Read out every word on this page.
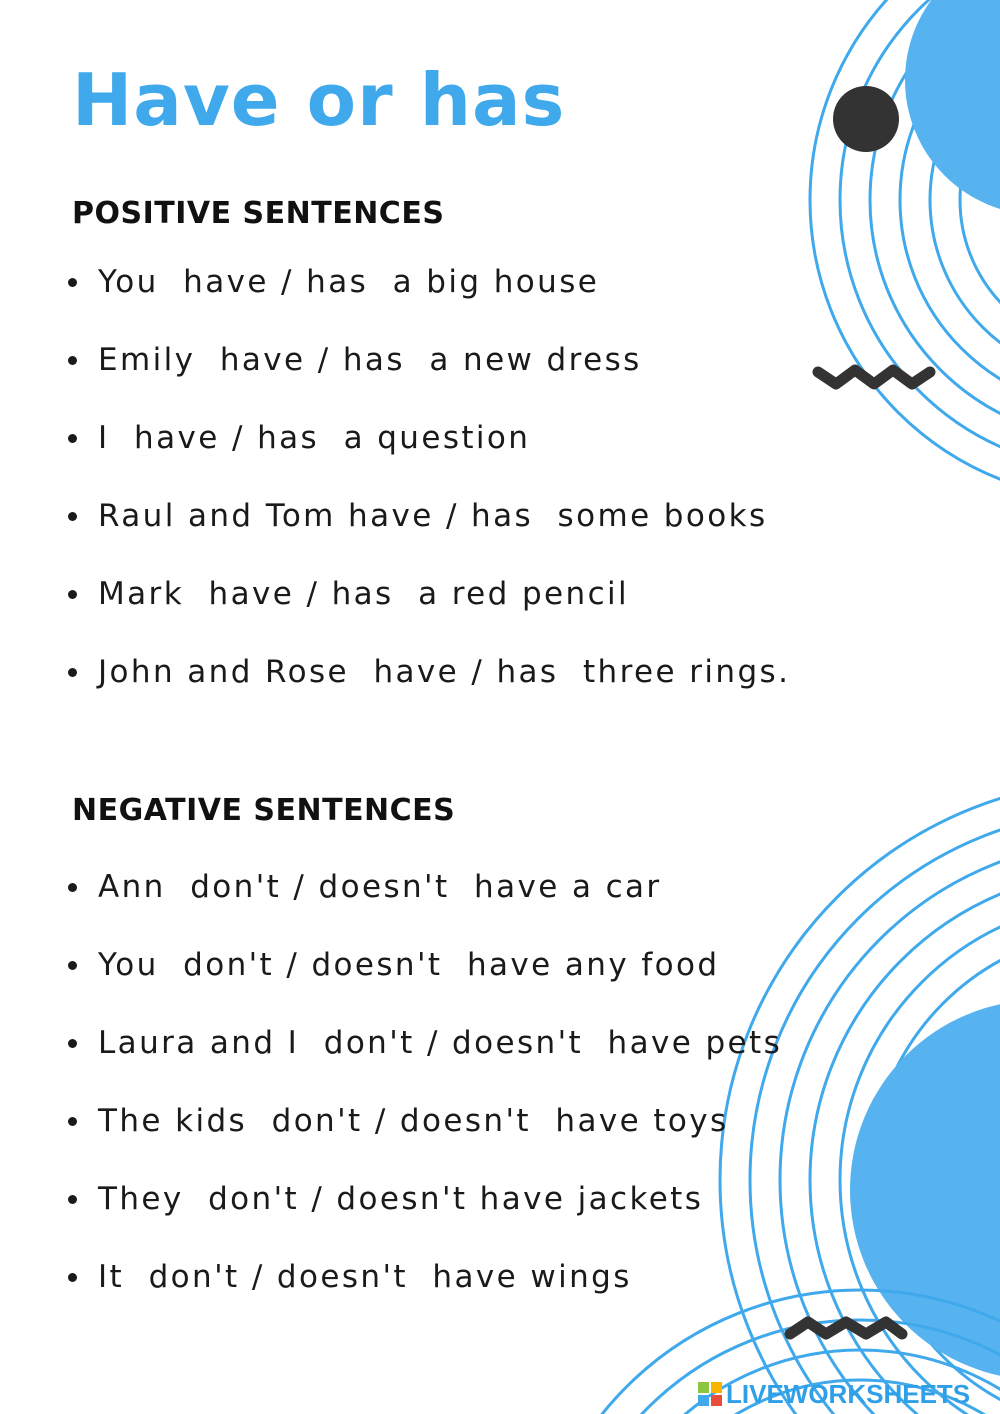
Have or has
POSITIVE SENTENCES
You  have / has  a big house
Emily  have / has  a new dress
I  have / has  a question
Raul and Tom have / has  some books
Mark  have / has  a red pencil
John and Rose  have / has  three rings.
NEGATIVE SENTENCES
Ann  don't / doesn't  have a car
You  don't / doesn't  have any food
Laura and I  don't / doesn't  have pets
The kids  don't / doesn't  have toys
They  don't / doesn't have jackets
It  don't / doesn't  have wings
LIVEWORKSHEETS
